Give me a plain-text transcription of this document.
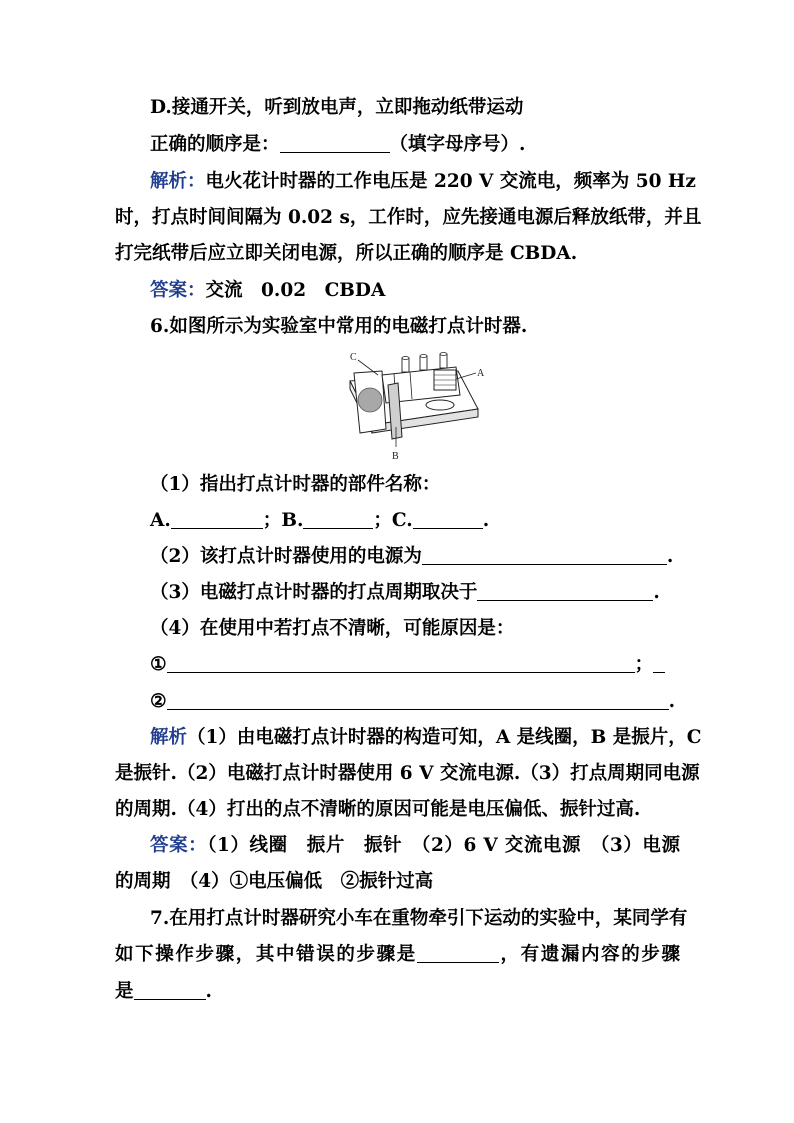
D.接通开关，听到放电声，立即拖动纸带运动
正确的顺序是：	（填字母序号）.
解析：电火花计时器的工作电压是 220 V 交流电，频率为 50 Hz
时，打点时间间隔为 0.02 s，工作时，应先接通电源后释放纸带，并且
打完纸带后应立即关闭电源，所以正确的顺序是 CBDA.
答案：交流　0.02　CBDA
6.如图所示为实验室中常用的电磁打点计时器.
C
A
B
（1）指出打点计时器的部件名称：
A.	；B.	；C.	.
（2）该打点计时器使用的电源为	.
（3）电磁打点计时器的打点周期取决于	.
（4）在使用中若打点不清晰，可能原因是：
①	；
②	.
解析（1）由电磁打点计时器的构造可知，A 是线圈，B 是振片，C
是振针.（2）电磁打点计时器使用 6 V 交流电源.（3）打点周期同电源
的周期.（4）打出的点不清晰的原因可能是电压偏低、振针过高.
答案：（1）线圈　振片　振针　（2）6 V 交流电源　（3）电源
的周期　（4）①电压偏低　②振针过高
7.在用打点计时器研究小车在重物牵引下运动的实验中，某同学有
如下操作步骤，其中错误的步骤是	，有遗漏内容的步骤
是	.
